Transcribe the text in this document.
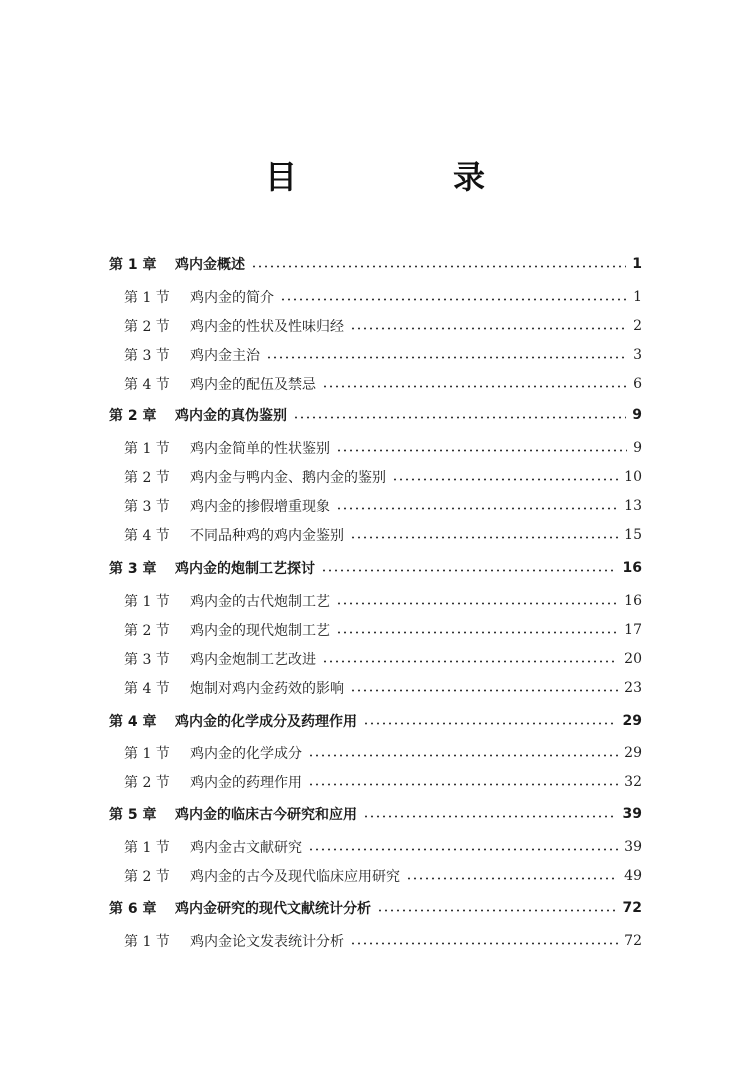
目　录
第 1 章	鸡内金概述	1
第 1 节	鸡内金的简介	1
第 2 节	鸡内金的性状及性味归经	2
第 3 节	鸡内金主治	3
第 4 节	鸡内金的配伍及禁忌	6
第 2 章	鸡内金的真伪鉴别	9
第 1 节	鸡内金简单的性状鉴别	9
第 2 节	鸡内金与鸭内金、鹅内金的鉴别	10
第 3 节	鸡内金的掺假增重现象	13
第 4 节	不同品种鸡的鸡内金鉴别	15
第 3 章	鸡内金的炮制工艺探讨	16
第 1 节	鸡内金的古代炮制工艺	16
第 2 节	鸡内金的现代炮制工艺	17
第 3 节	鸡内金炮制工艺改进	20
第 4 节	炮制对鸡内金药效的影响	23
第 4 章	鸡内金的化学成分及药理作用	29
第 1 节	鸡内金的化学成分	29
第 2 节	鸡内金的药理作用	32
第 5 章	鸡内金的临床古今研究和应用	39
第 1 节	鸡内金古文献研究	39
第 2 节	鸡内金的古今及现代临床应用研究	49
第 6 章	鸡内金研究的现代文献统计分析	72
第 1 节	鸡内金论文发表统计分析	72
